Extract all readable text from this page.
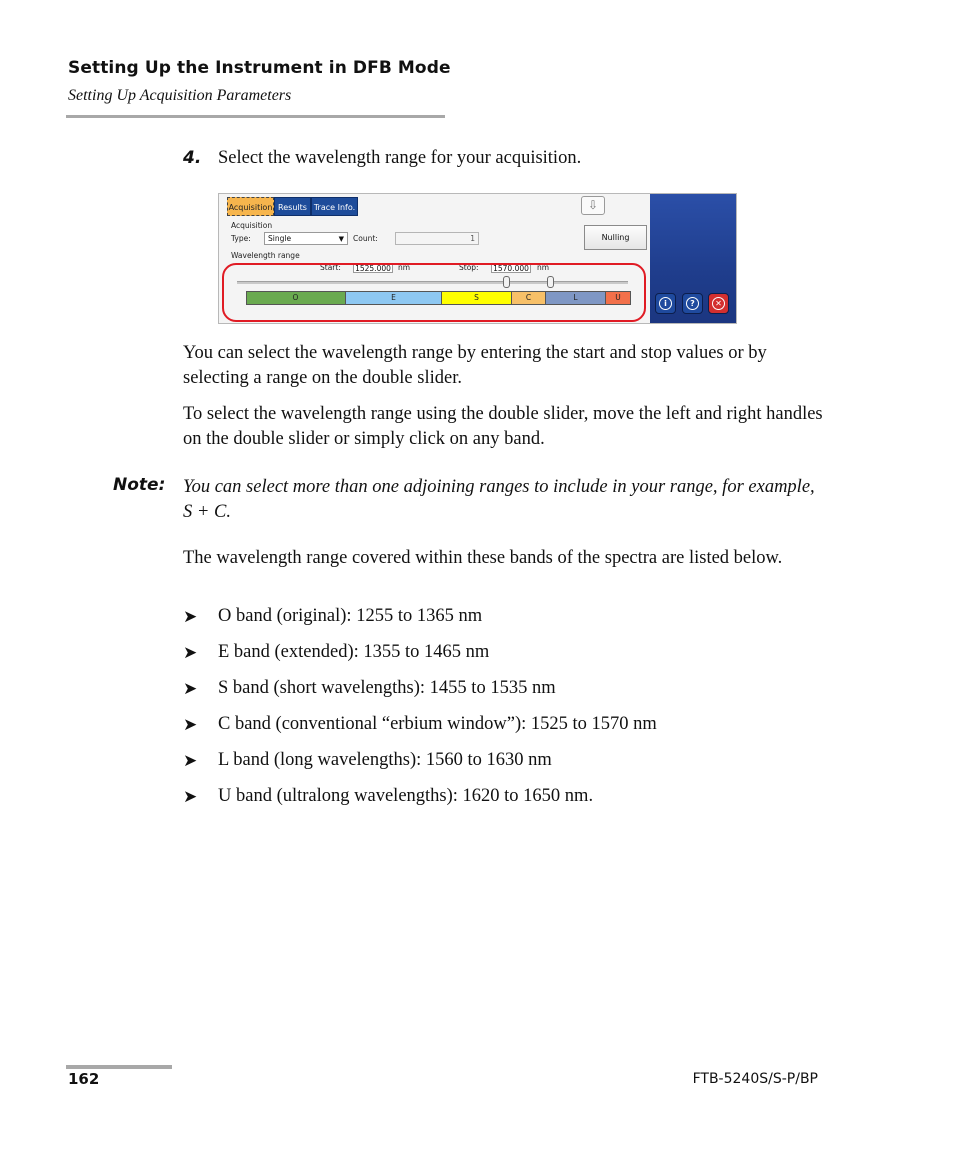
Setting Up the Instrument in DFB Mode
Setting Up Acquisition Parameters
4. Select the wavelength range for your acquisition.
Acquisition Results Trace Info.	⇩
Acquisition
Type:	Single	▼ Count:	1	Nulling
Wavelength range
Start: 1525.000 nm	Stop: 1570.000 nm
O	E	S	C	L	U
i	?	✕
You can select the wavelength range by entering the start and stop values or by selecting a range on the double slider.
To select the wavelength range using the double slider, move the left and right handles on the double slider or simply click on any band.
Note: You can select more than one adjoining ranges to include in your range, for example, S + C.
The wavelength range covered within these bands of the spectra are listed below.
➤ O band (original): 1255 to 1365 nm
➤ E band (extended): 1355 to 1465 nm
➤ S band (short wavelengths): 1455 to 1535 nm
➤ C band (conventional “erbium window”): 1525 to 1570 nm
➤ L band (long wavelengths): 1560 to 1630 nm
➤ U band (ultralong wavelengths): 1620 to 1650 nm.
162	FTB-5240S/S-P/BP
